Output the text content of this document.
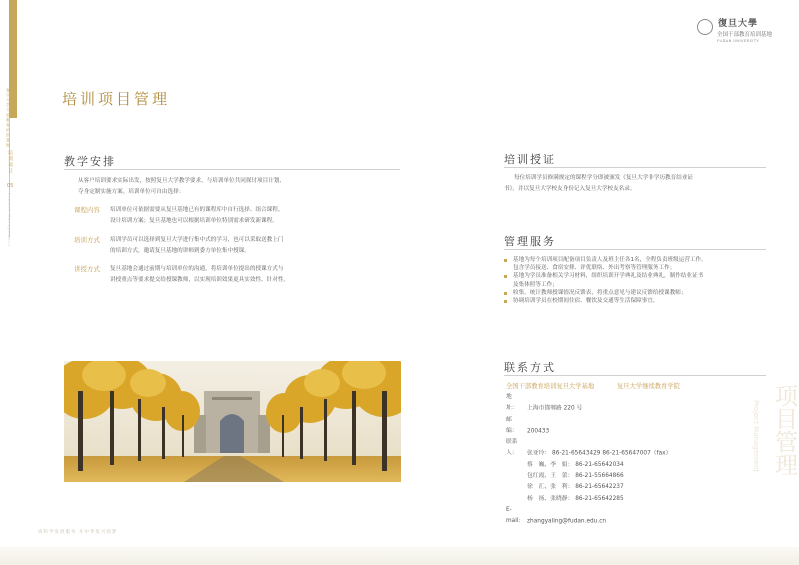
复旦大学干部教育培训基地
培训项目
05
Project Management
復旦大學
全国干部教育培训基地
FUDAN UNIVERSITY
培训项目管理
教学安排
从客户培训要求实际出发，按照复旦大学教学要求，与培训单位共同探讨项目计划、
夺身定制实施方案。培训单位可自由选择：
课程内容	培训单位可依据需要从复旦基地已有的课程库中自行选择、组合课程、
设计培训方案；复旦基地也可以根据培训单位特别需求研发新课程。
培训方式	培训学员可以选择到复旦大学进行集中式的学习，也可以采取送教上门
的培训方式，邀请复旦基地的讲师到委方单位集中授课。
讲授方式	复旦基地会通过前期与培训单位的沟通，将培训单位提出的授课方式与
讲授重点等要求提交给授课教师，以实现培训效果更具实效性、针对性。
培训授证
每位培训学员修满规定的课程学分即被颁发《复旦大学非学历教育结业证
书》，并以复旦大学校友身份记入复旦大学校友名录。
管理服务
基地为每个培训项目配备项目负责人及班主任各1名，全程负责班级运营工作，
包含学员接送、食宿安排、评优联络、外出考察等管理服务工作；
基地为学员准备相关学习材料，组织培训开学典礼及结业典礼，制作结业证书
及集体照等工作；
收集、统计教师授课情况反馈表，将重点意见与建议反馈给授课教师；
协调培训学员在校期间住宿、餐饮及交通等生活保障事宜。
联系方式
全国干部教育培训复旦大学基地	复旦大学继续教育学院
地　址： 上海市邯郸路 220 号
邮　编： 200433
联系人： 张亚玲： 86-21-65643429 86-21-65647007（fax）
蔡　巍、李　娟： 86-21-65642034
包红霞、王　蕾： 86-21-55664866
徐　汇、张　利： 86-21-65642237
杨　扬、张晓静： 86-21-65642285
E-mail： zhangyaling@fudan.edu.cn
项目管理
Project Management
尚科学发展服务 开中华复兴圆梦
